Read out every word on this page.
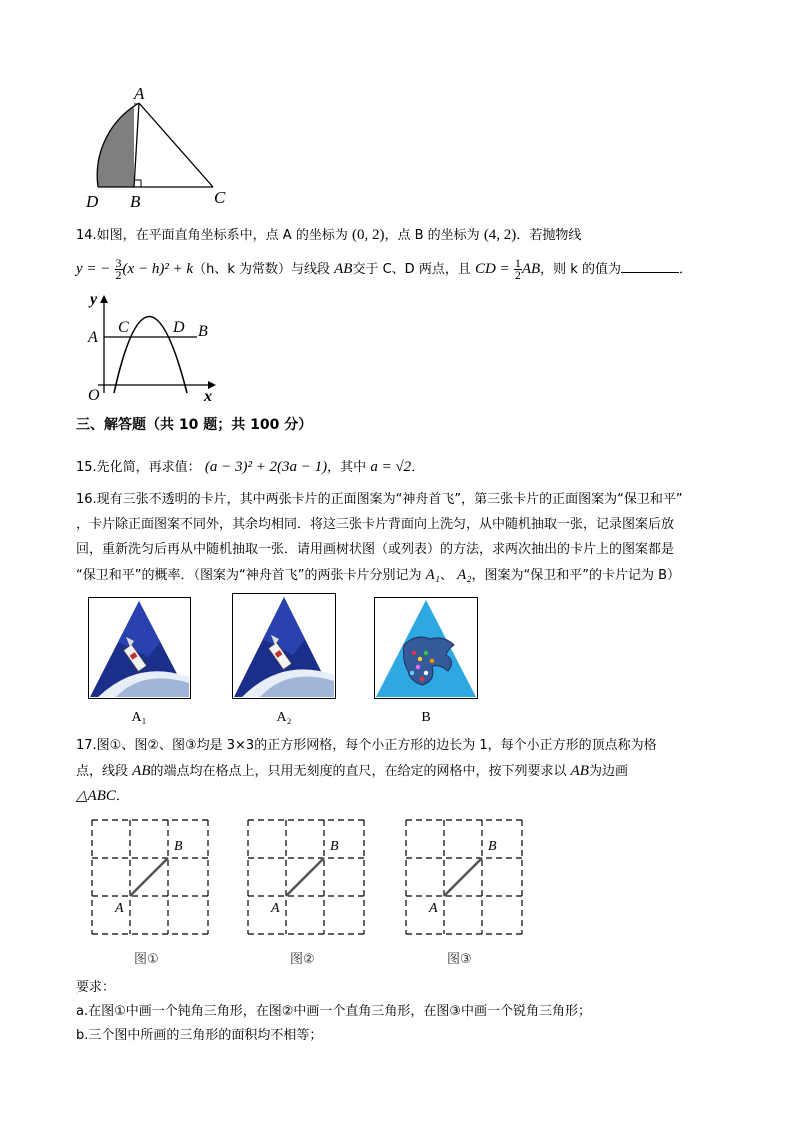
A
D B	C
14.如图，在平面直角坐标系中，点 A 的坐标为 (0, 2)，点 B 的坐标为 (4, 2)．若抛物线
y = − $\frac{3}{2} (x - h)^2 + k(h$、k 为常数）与线段 AB交于 C、D 两点，且 CD = $\frac{1}{2}$ AB，则 k 的值为	．
y
x
O
A
C	D B
三、解答题（共 10 题；共 100 分）
15.先化简，再求值： (a − 3)² + 2(3a − 1)，其中 a = √2．
16.现有三张不透明的卡片，其中两张卡片的正面图案为“神舟首飞”，第三张卡片的正面图案为“保卫和平”
，卡片除正面图案不同外，其余均相同．将这三张卡片背面向上洗匀，从中随机抽取一张，记录图案后放
回，重新洗匀后再从中随机抽取一张．请用画树状图（或列表）的方法，求两次抽出的卡片上的图案都是
“保卫和平”的概率．（图案为“神舟首飞”的两张卡片分别记为 A₁、 A₂，图案为“保卫和平”的卡片记为 B）
A₁	A₂	B
17.图①、图②、图③均是 3×3的正方形网格，每个小正方形的边长为 1，每个小正方形的顶点称为格
点，线段 AB的端点均在格点上，只用无刻度的直尺，在给定的网格中，按下列要求以 AB为边画
△ABC．
A
B
A
B
A
B
图①	图②	图③
要求：
a.在图①中画一个钝角三角形，在图②中画一个直角三角形，在图③中画一个锐角三角形；
b.三个图中所画的三角形的面积均不相等；
